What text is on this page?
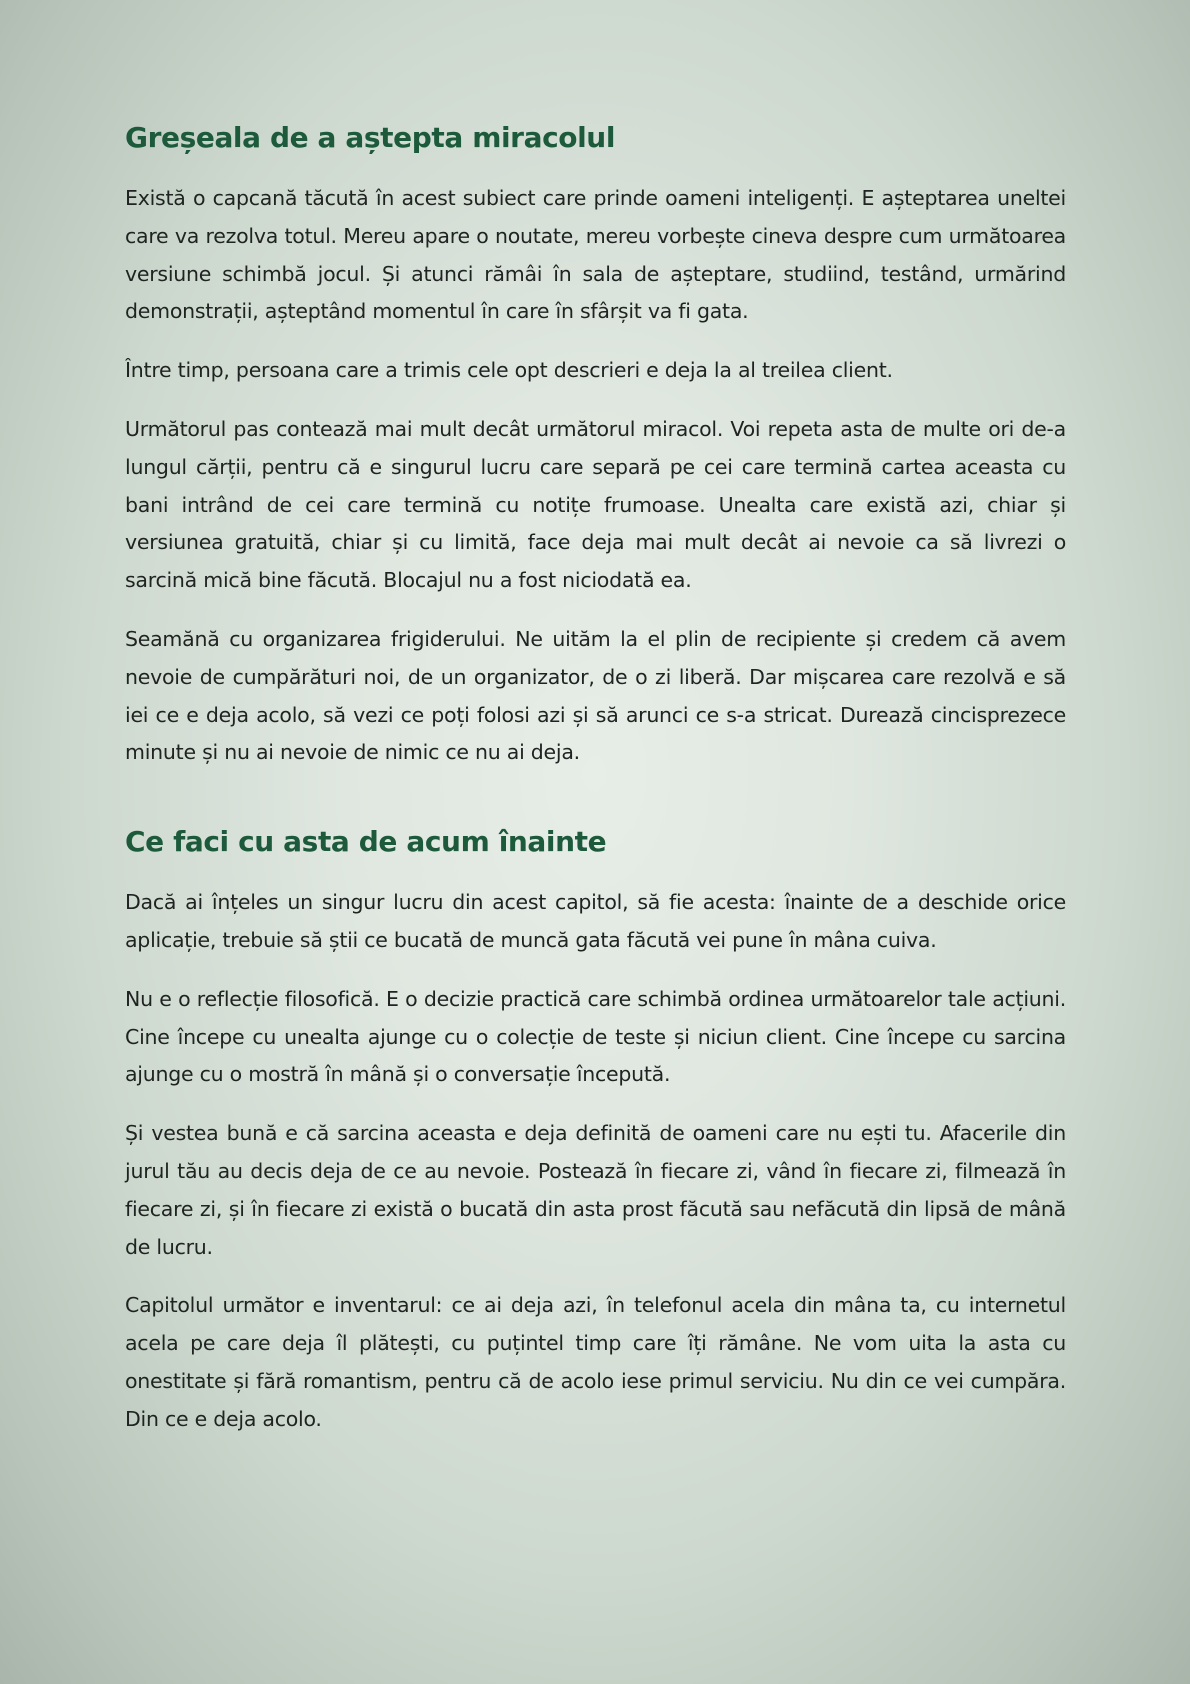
Greșeala de a aștepta miracolul

Există o capcană tăcută în acest subiect care prinde oameni inteligenți. E așteptarea uneltei care va rezolva totul. Mereu apare o noutate, mereu vorbește cineva despre cum următoarea versiune schimbă jocul. Și atunci rămâi în sala de așteptare, studiind, testând, urmărind demonstrații, așteptând momentul în care în sfârșit va fi gata.

Între timp, persoana care a trimis cele opt descrieri e deja la al treilea client.

Următorul pas contează mai mult decât următorul miracol. Voi repeta asta de multe ori de-a lungul cărții, pentru că e singurul lucru care separă pe cei care termină cartea aceasta cu bani intrând de cei care termină cu notițe frumoase. Unealta care există azi, chiar și versiunea gratuită, chiar și cu limită, face deja mai mult decât ai nevoie ca să livrezi o sarcină mică bine făcută. Blocajul nu a fost niciodată ea.

Seamănă cu organizarea frigiderului. Ne uităm la el plin de recipiente și credem că avem nevoie de cumpărături noi, de un organizator, de o zi liberă. Dar mișcarea care rezolvă e să iei ce e deja acolo, să vezi ce poți folosi azi și să arunci ce s-a stricat. Durează cincisprezece minute și nu ai nevoie de nimic ce nu ai deja.

Ce faci cu asta de acum înainte

Dacă ai înțeles un singur lucru din acest capitol, să fie acesta: înainte de a deschide orice aplicație, trebuie să știi ce bucată de muncă gata făcută vei pune în mâna cuiva.

Nu e o reflecție filosofică. E o decizie practică care schimbă ordinea următoarelor tale acțiuni. Cine începe cu unealta ajunge cu o colecție de teste și niciun client. Cine începe cu sarcina ajunge cu o mostră în mână și o conversație începută.

Și vestea bună e că sarcina aceasta e deja definită de oameni care nu ești tu. Afacerile din jurul tău au decis deja de ce au nevoie. Postează în fiecare zi, vând în fiecare zi, filmează în fiecare zi, și în fiecare zi există o bucată din asta prost făcută sau nefăcută din lipsă de mână de lucru.

Capitolul următor e inventarul: ce ai deja azi, în telefonul acela din mâna ta, cu internetul acela pe care deja îl plătești, cu puțintel timp care îți rămâne. Ne vom uita la asta cu onestitate și fără romantism, pentru că de acolo iese primul serviciu. Nu din ce vei cumpăra. Din ce e deja acolo.
